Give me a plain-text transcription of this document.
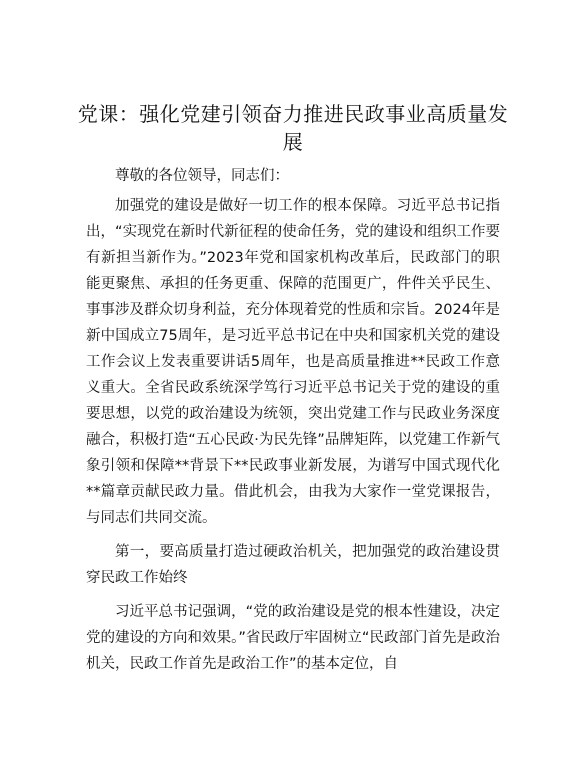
党课：强化党建引领奋力推进民政事业高质量发展

尊敬的各位领导，同志们：

加强党的建设是做好一切工作的根本保障。习近平总书记指出，“实现党在新时代新征程的使命任务，党的建设和组织工作要有新担当新作为。”2023年党和国家机构改革后，民政部门的职能更聚焦、承担的任务更重、保障的范围更广，件件关乎民生、事事涉及群众切身利益，充分体现着党的性质和宗旨。2024年是新中国成立75周年，是习近平总书记在中央和国家机关党的建设工作会议上发表重要讲话5周年，也是高质量推进**民政工作意义重大。全省民政系统深学笃行习近平总书记关于党的建设的重要思想，以党的政治建设为统领，突出党建工作与民政业务深度融合，积极打造“五心民政·为民先锋”品牌矩阵，以党建工作新气象引领和保障**背景下**民政事业新发展，为谱写中国式现代化**篇章贡献民政力量。借此机会，由我为大家作一堂党课报告，与同志们共同交流。

第一，要高质量打造过硬政治机关，把加强党的政治建设贯穿民政工作始终

习近平总书记强调，“党的政治建设是党的根本性建设，决定党的建设的方向和效果。”省民政厅牢固树立“民政部门首先是政治机关，民政工作首先是政治工作”的基本定位，自
